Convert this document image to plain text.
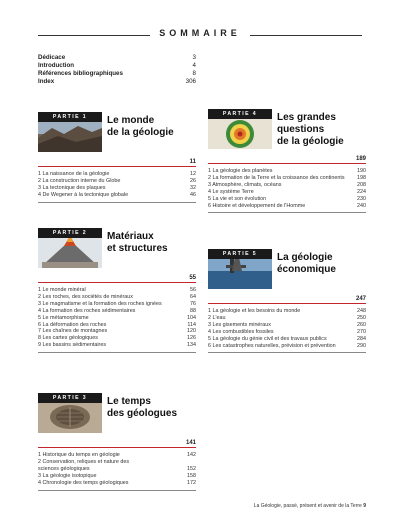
SOMMAIRE
Dédicace	3
Introduction	4
Références bibliographiques	8
Index	306
PARTIE 1	Le monde
de la géologie
11
1 La naissance de la géologie	12
2 La construction interne du Globe	26
3 La tectonique des plaques	32
4 De Wegener à la tectonique globale	46
PARTIE 2	Matériaux
et structures
55
1 Le monde minéral	56
2 Les roches, des sociétés de minéraux	64
3 Le magmatisme et la formation des roches ignées	76
4 La formation des roches sédimentaires	88
5 Le métamorphisme	104
6 La déformation des roches	114
7 Les chaînes de montagnes	120
8 Les cartes géologiques	126
9 Les bassins sédimentaires	134
PARTIE 3	Le temps
des géologues
141
1 Historique du temps en géologie	142
2 Conservation, reliques et nature des sciences géologiques	152
3 La géologie isotopique	158
4 Chronologie des temps géologiques	172
PARTIE 4	Les grandes questions
de la géologie
189
1 La géologie des planètes	190
2 La formation de la Terre et la croissance des continents	198
3 Atmosphère, climats, océans	208
4 Le système Terre	224
5 La vie et son évolution	230
6 Histoire et développement de l'Homme	240
PARTIE 5	La géologie
économique
247
1 La géologie et les besoins du monde	248
2 L'eau	250
3 Les gisements minéraux	260
4 Les combustibles fossiles	270
5 La géologie du génie civil et des travaux publics	284
6 Les catastrophes naturelles, prévision et prévention	290
La Géologie, passé, présent et avenir de la Terre 9
